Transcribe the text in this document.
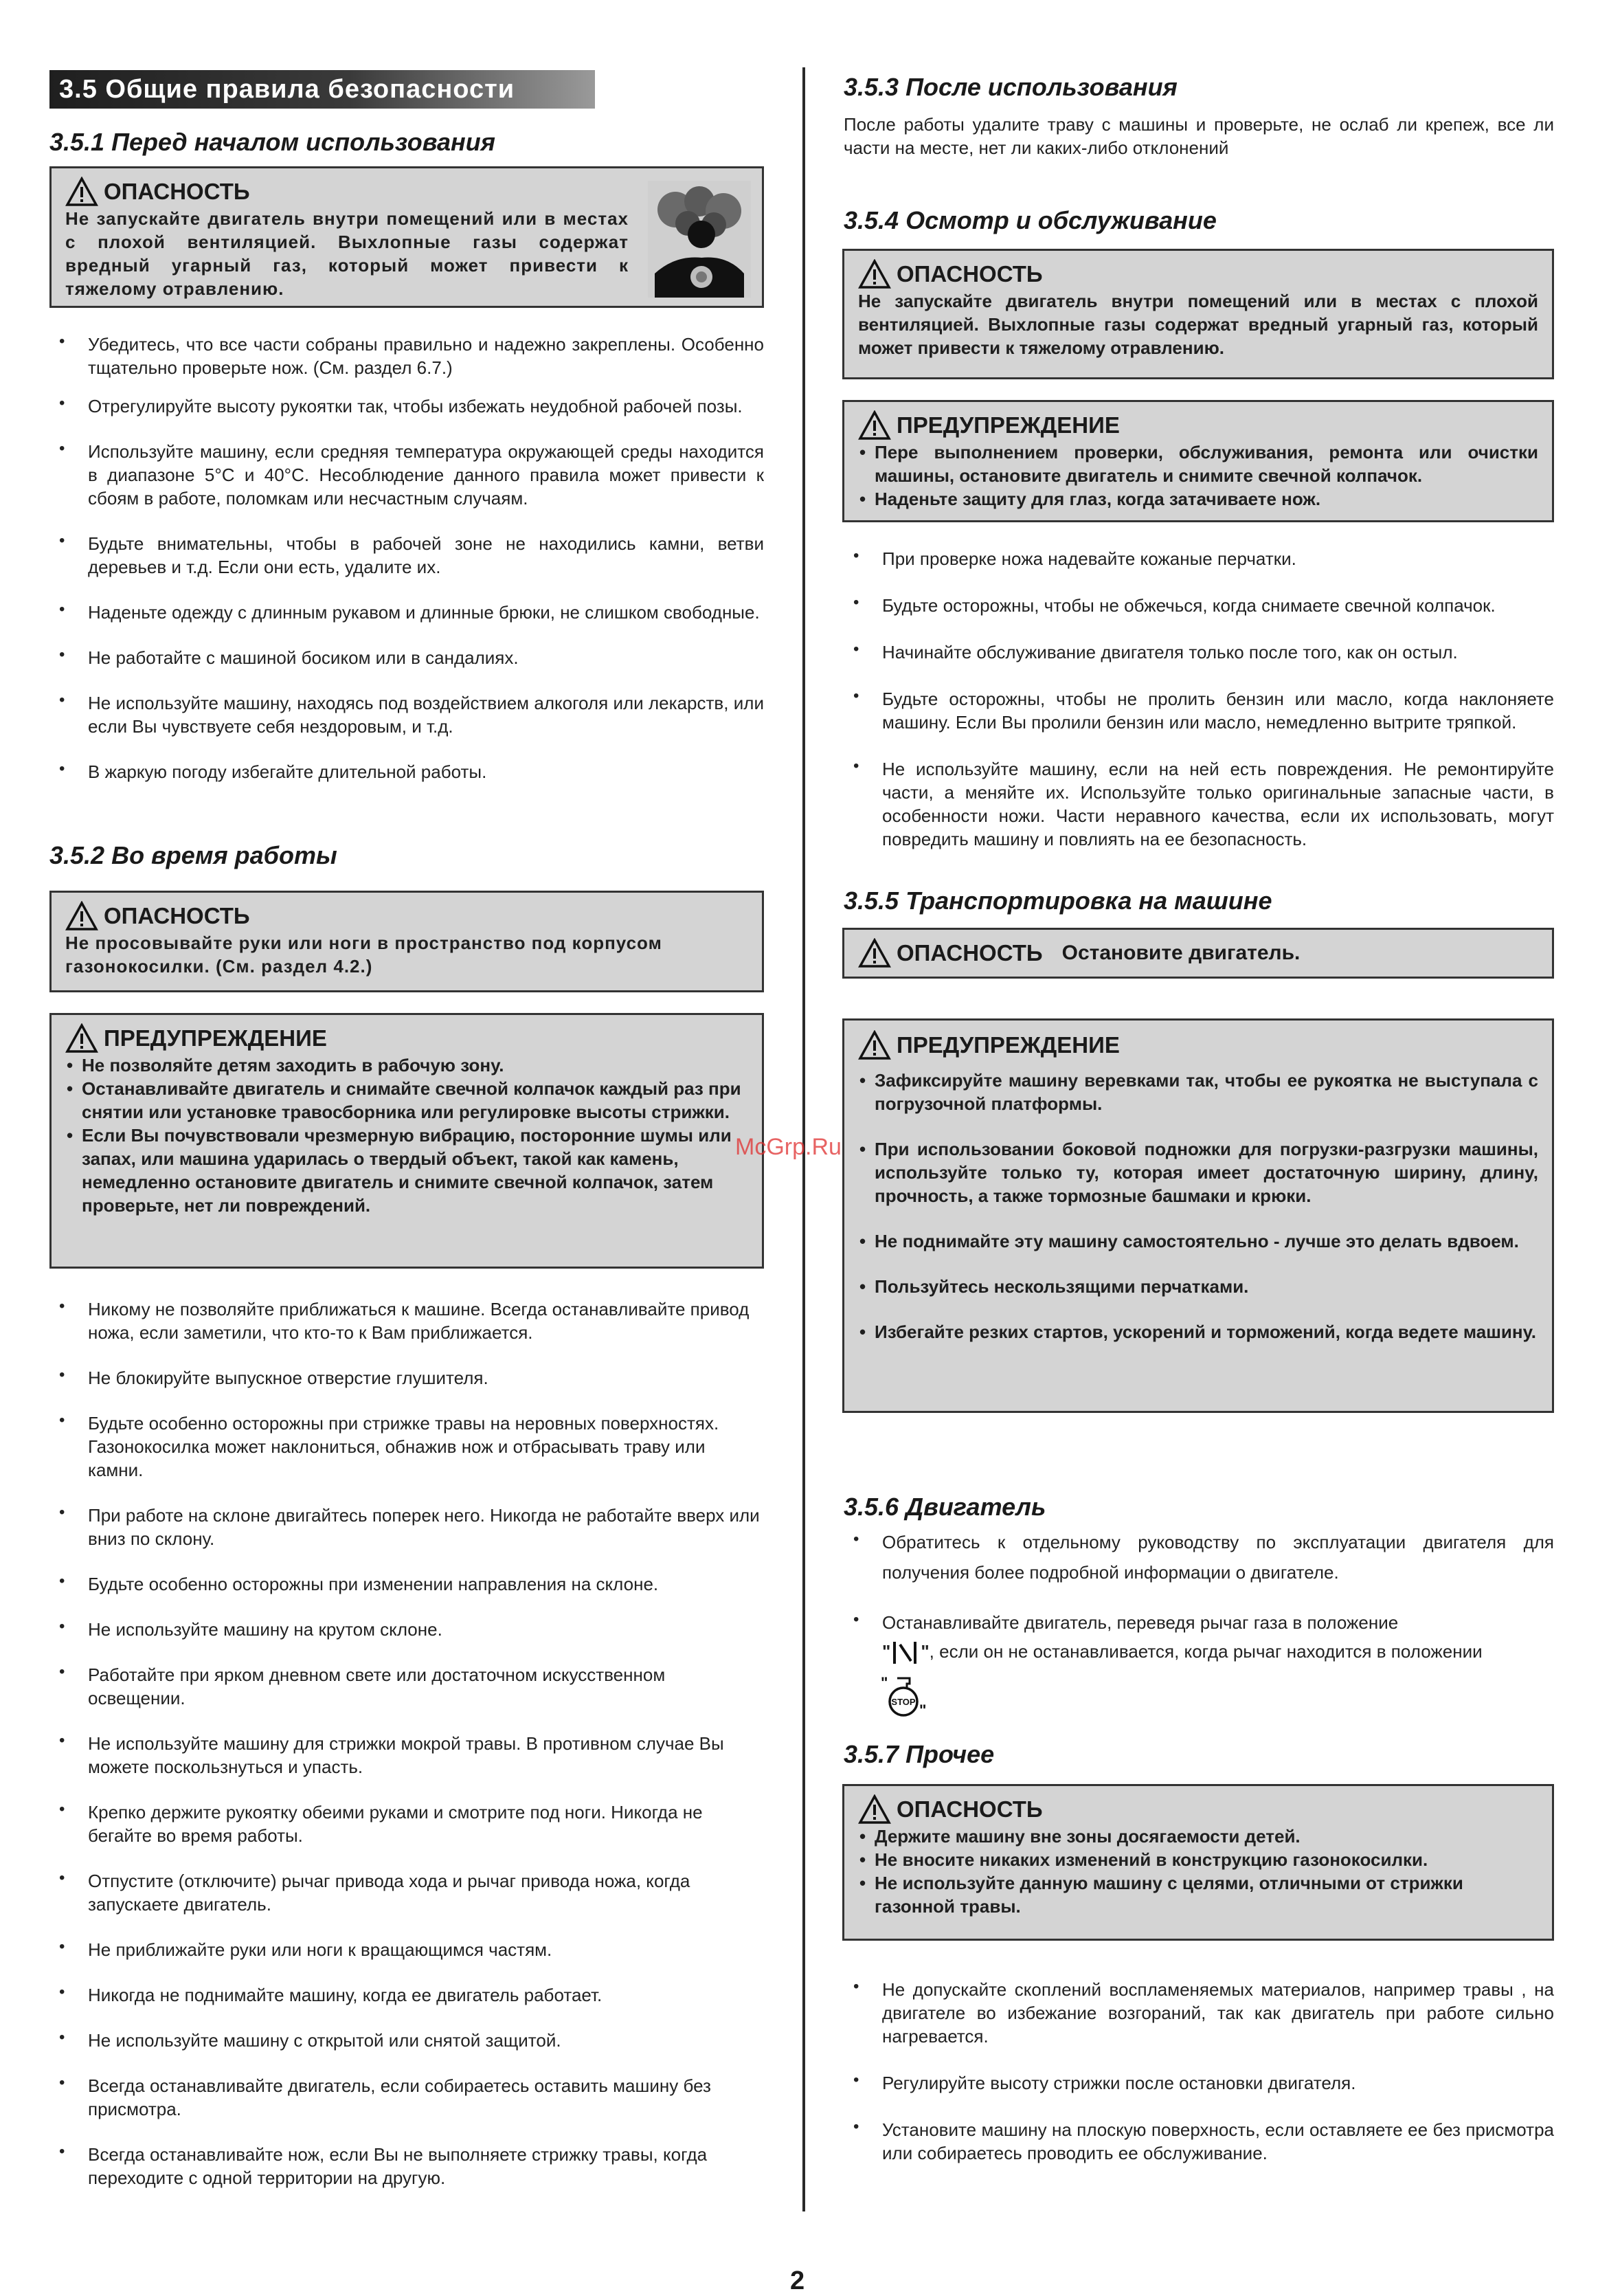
3.5 Общие правила безопасности
3.5.1 Перед началом использования
ОПАСНОСТЬ
Не запускайте двигатель внутри помещений или в местах с плохой вентиляцией. Выхлопные газы содержат вредный угарный газ, который может привести к тяжелому отравлению.
• Убедитесь, что все части собраны правильно и надежно закреплены. Особенно тщательно проверьте нож. (См. раздел 6.7.)
• Отрегулируйте высоту рукоятки так, чтобы избежать неудобной рабочей позы.
• Используйте машину, если средняя температура окружающей среды находится в диапазоне 5°С и 40°С. Несоблюдение данного правила может привести к сбоям в работе, поломкам или несчастным случаям.
• Будьте внимательны, чтобы в рабочей зоне не находились камни, ветви деревьев и т.д. Если они есть, удалите их.
• Наденьте одежду с длинным рукавом и длинные брюки, не слишком свободные.
• Не работайте с машиной босиком или в сандалиях.
• Не используйте машину, находясь под воздействием алкоголя или лекарств, или если Вы чувствуете себя нездоровым, и т.д.
• В жаркую погоду избегайте длительной работы.
3.5.2 Во время работы
ОПАСНОСТЬ
Не просовывайте руки или ноги в пространство под корпусом газонокосилки. (См. раздел 4.2.)
ПРЕДУПРЕЖДЕНИЕ
• Не позволяйте детям заходить в рабочую зону.
• Останавливайте двигатель и снимайте свечной колпачок каждый раз при снятии или установке травосборника или регулировке высоты стрижки.
• Если Вы почувствовали чрезмерную вибрацию, посторонние шумы или запах, или машина ударилась о твердый объект, такой как камень, немедленно остановите двигатель и снимите свечной колпачок, затем проверьте, нет ли повреждений.
• Никому не позволяйте приближаться к машине. Всегда останавливайте привод ножа, если заметили, что кто-то к Вам приближается.
• Не блокируйте выпускное отверстие глушителя.
• Будьте особенно осторожны при стрижке травы на неровных поверхностях. Газонокосилка может наклониться, обнажив нож и отбрасывать траву или камни.
• При работе на склоне двигайтесь поперек него. Никогда не работайте вверх или вниз по склону.
• Будьте особенно осторожны при изменении направления на склоне.
• Не используйте машину на крутом склоне.
• Работайте при ярком дневном свете или достаточном искусственном освещении.
• Не используйте машину для стрижки мокрой травы. В противном случае Вы можете поскользнуться и упасть.
• Крепко держите рукоятку обеими руками и смотрите под ноги. Никогда не бегайте во время работы.
• Отпустите (отключите) рычаг привода хода и рычаг привода ножа, когда запускаете двигатель.
• Не приближайте руки или ноги к вращающимся частям.
• Никогда не поднимайте машину, когда ее двигатель работает.
• Не используйте машину с открытой или снятой защитой.
• Всегда останавливайте двигатель, если собираетесь оставить машину без присмотра.
• Всегда останавливайте нож, если Вы не выполняете стрижку травы, когда переходите с одной территории на другую.
3.5.3 После использования
После работы удалите траву с машины и проверьте, не ослаб ли крепеж, все ли части на месте, нет ли каких-либо отклонений
3.5.4 Осмотр и обслуживание
ОПАСНОСТЬ
Не запускайте двигатель внутри помещений или в местах с плохой вентиляцией. Выхлопные газы содержат вредный угарный газ, который может привести к тяжелому отравлению.
ПРЕДУПРЕЖДЕНИЕ
• Пере выполнением проверки, обслуживания, ремонта или очистки машины, остановите двигатель и снимите свечной колпачок.
• Наденьте защиту для глаз, когда затачиваете нож.
• При проверке ножа надевайте кожаные перчатки.
• Будьте осторожны, чтобы не обжечься, когда снимаете свечной колпачок.
• Начинайте обслуживание двигателя только после того, как он остыл.
• Будьте осторожны, чтобы не пролить бензин или масло, когда наклоняете машину. Если Вы пролили бензин или масло, немедленно вытрите тряпкой.
• Не используйте машину, если на ней есть повреждения. Не ремонтируйте части, а меняйте их. Используйте только оригинальные запасные части, в особенности ножи. Части неравного качества, если их использовать, могут повредить машину и повлиять на ее безопасность.
3.5.5 Транспортировка на машине
ОПАСНОСТЬ Остановите двигатель.
ПРЕДУПРЕЖДЕНИЕ
• Зафиксируйте машину веревками так, чтобы ее рукоятка не выступала с погрузочной платформы.
• При использовании боковой подножки для погрузки-разгрузки машины, используйте только ту, которая имеет достаточную ширину, длину, прочность, а также тормозные башмаки и крюки.
• Не поднимайте эту машину самостоятельно - лучше это делать вдвоем.
• Пользуйтесь нескользящими перчатками.
• Избегайте резких стартов, ускорений и торможений, когда ведете машину.
3.5.6 Двигатель
• Обратитесь к отдельному руководству по эксплуатации двигателя для получения более подробной информации о двигателе.
• Останавливайте двигатель, переведя рычаг газа в положение
" ", если он не останавливается, когда рычаг находится в положении
"
STOP "
3.5.7 Прочее
ОПАСНОСТЬ
• Держите машину вне зоны досягаемости детей.
• Не вносите никаких изменений в конструкцию газонокосилки.
• Не используйте данную машину с целями, отличными от стрижки газонной травы.
• Не допускайте скоплений воспламеняемых материалов, например травы , на двигателе во избежание возгораний, так как двигатель при работе сильно нагревается.
• Регулируйте высоту стрижки после остановки двигателя.
• Установите машину на плоскую поверхность, если оставляете ее без присмотра или собираетесь проводить ее обслуживание.
McGrp.Ru
2
